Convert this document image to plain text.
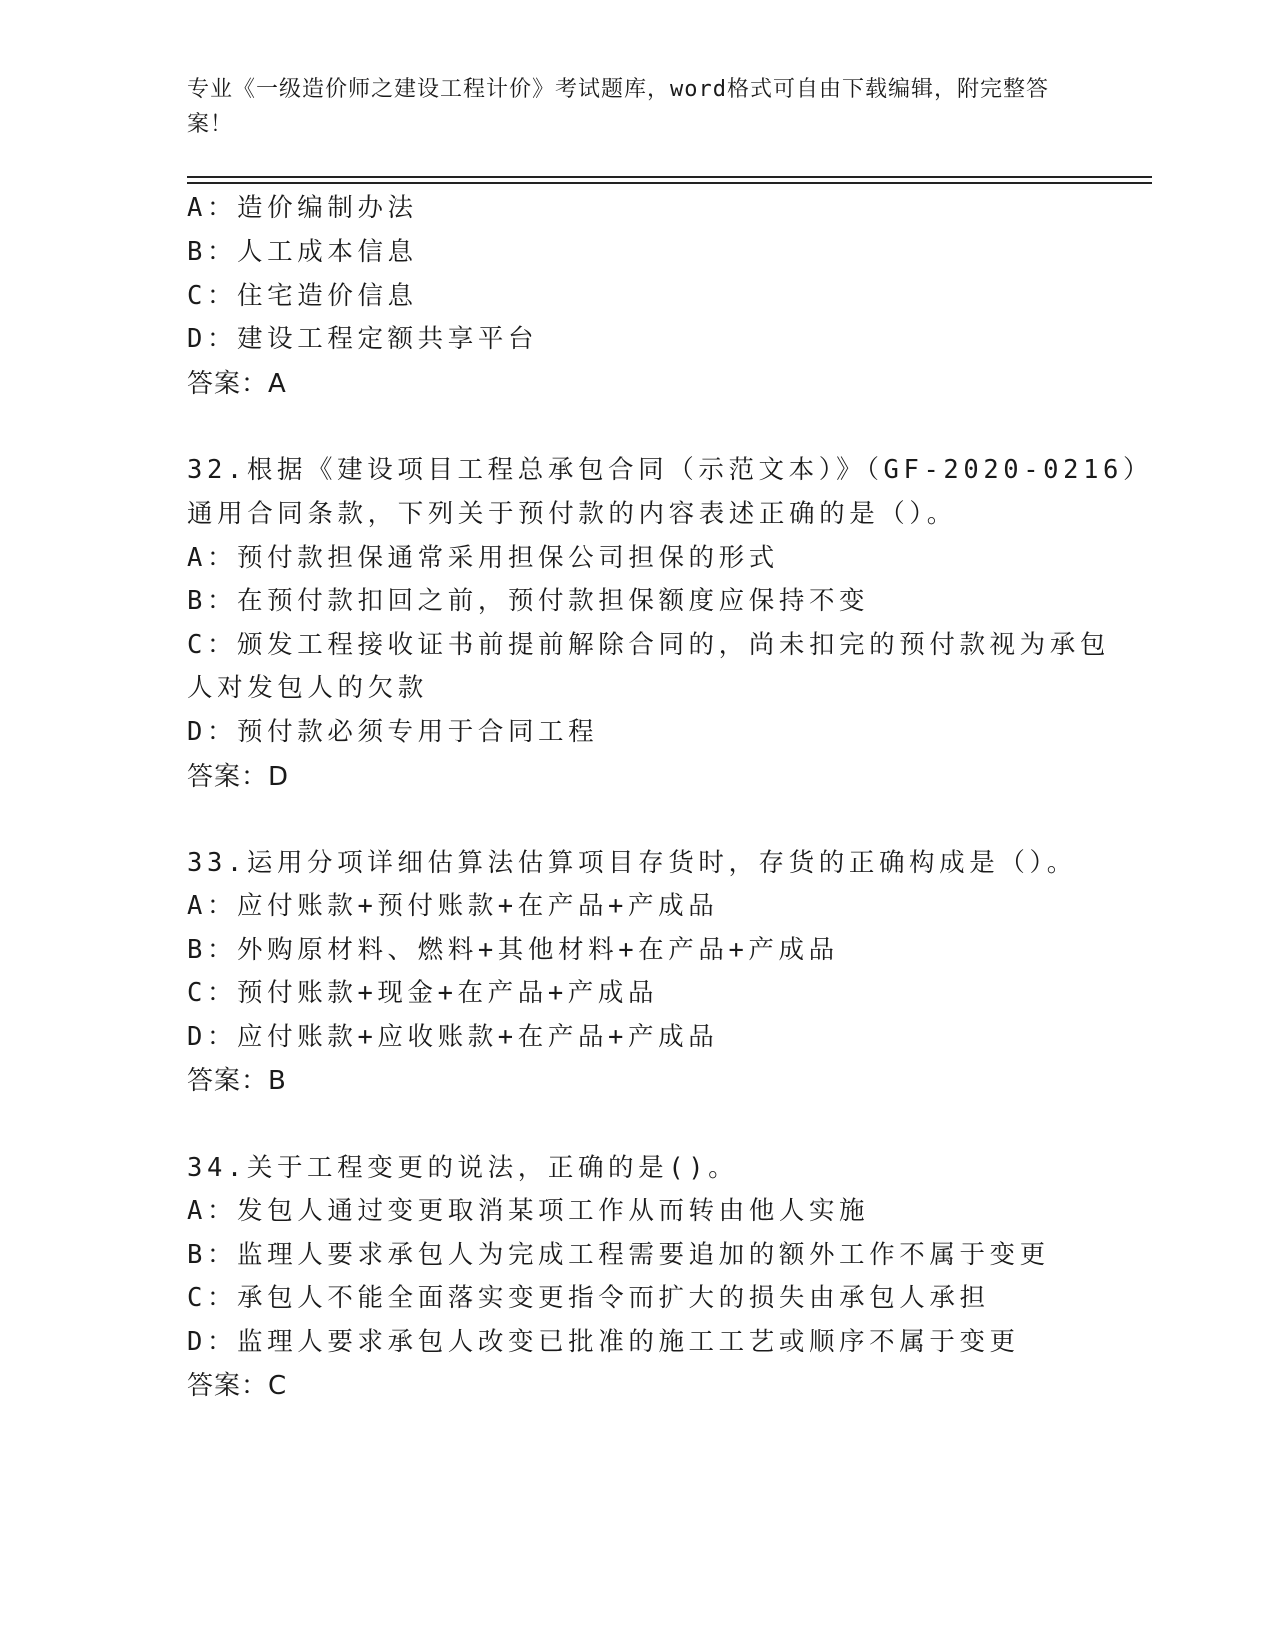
专业《一级造价师之建设工程计价》考试题库，word格式可自由下载编辑，附完整答案！
A：造价编制办法
B：人工成本信息
C：住宅造价信息
D：建设工程定额共享平台
答案：A
32.根据《建设项目工程总承包合同（示范文本）》（GF-2020-0216）
通用合同条款，下列关于预付款的内容表述正确的是（）。
A：预付款担保通常采用担保公司担保的形式
B：在预付款扣回之前，预付款担保额度应保持不变
C：颁发工程接收证书前提前解除合同的，尚未扣完的预付款视为承包
人对发包人的欠款
D：预付款必须专用于合同工程
答案：D
33.运用分项详细估算法估算项目存货时，存货的正确构成是（）。
A：应付账款+预付账款+在产品+产成品
B：外购原材料、燃料+其他材料+在产品+产成品
C：预付账款+现金+在产品+产成品
D：应付账款+应收账款+在产品+产成品
答案：B
34.关于工程变更的说法，正确的是()。
A：发包人通过变更取消某项工作从而转由他人实施
B：监理人要求承包人为完成工程需要追加的额外工作不属于变更
C：承包人不能全面落实变更指令而扩大的损失由承包人承担
D：监理人要求承包人改变已批准的施工工艺或顺序不属于变更
答案：C
